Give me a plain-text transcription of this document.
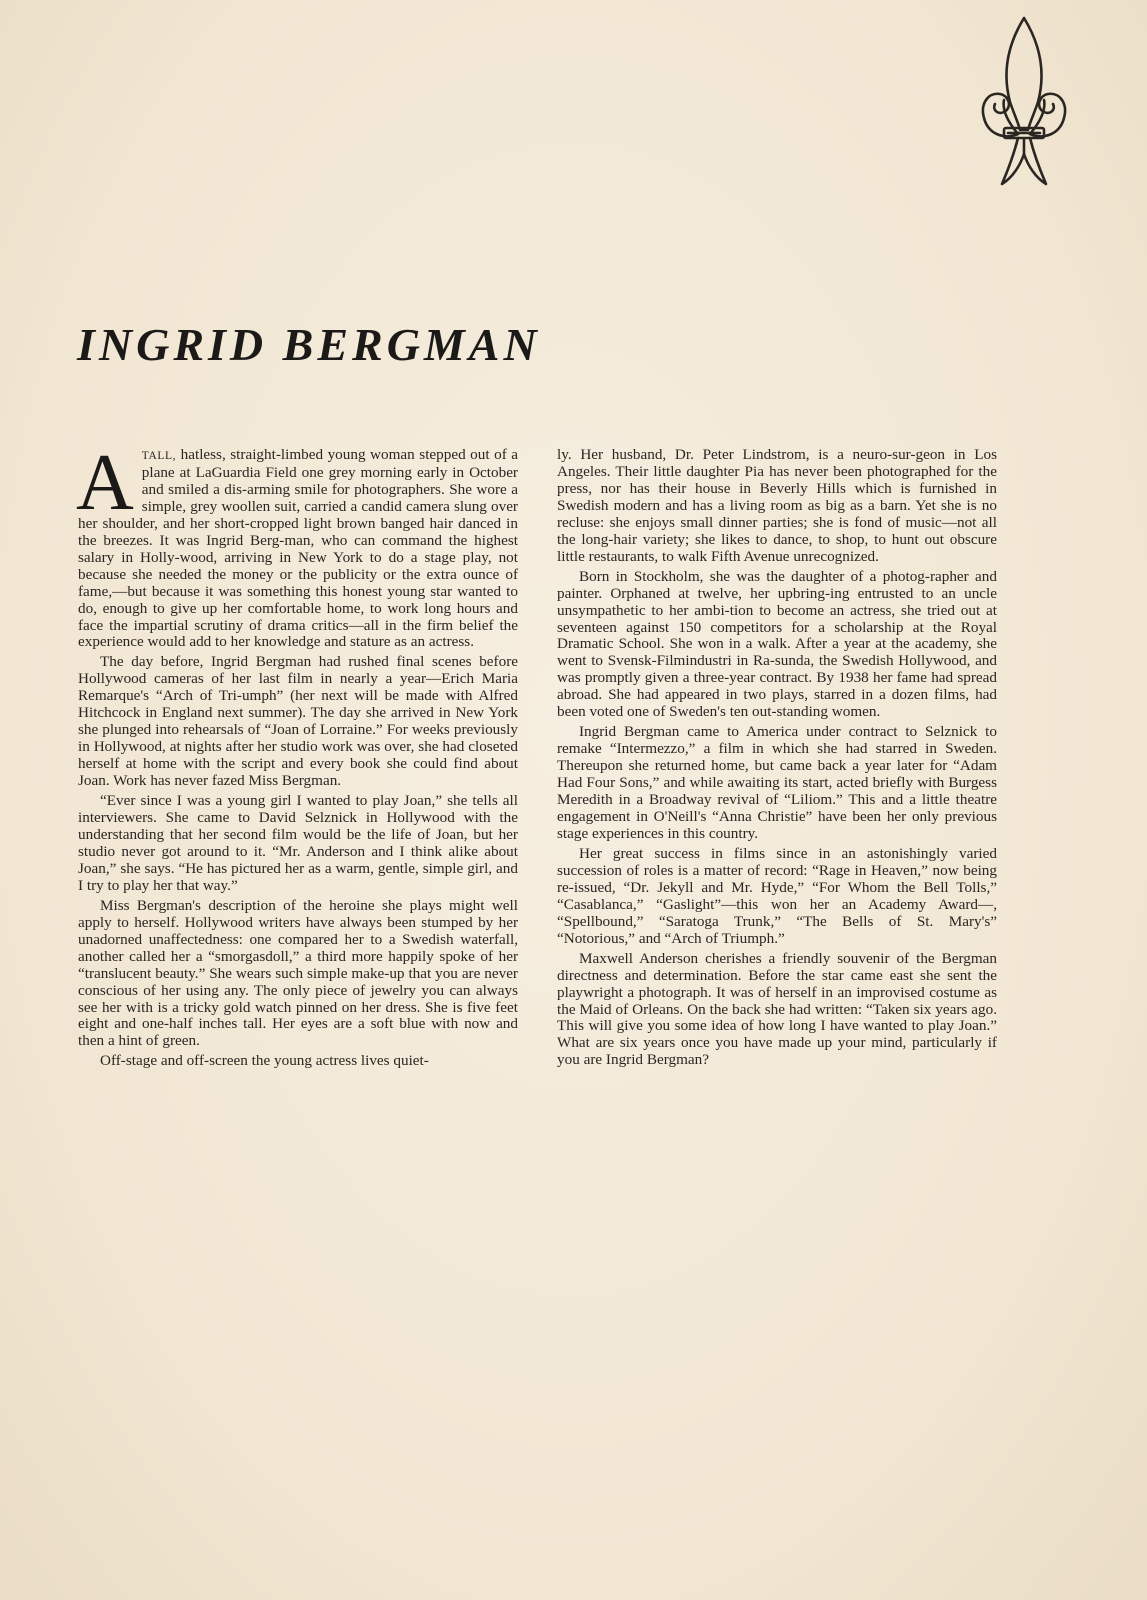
INGRID BERGMAN

ATALL, hatless, straight-limbed young woman stepped out of a plane at LaGuardia Field one grey morning early in October and smiled a dis-arming smile for photographers. She wore a simple, grey woollen suit, carried a candid camera slung over her shoulder, and her short-cropped light brown banged hair danced in the breezes. It was Ingrid Berg-man, who can command the highest salary in Holly-wood, arriving in New York to do a stage play, not because she needed the money or the publicity or the extra ounce of fame,—but because it was something this honest young star wanted to do, enough to give up her comfortable home, to work long hours and face the impartial scrutiny of drama critics—all in the firm belief the experience would add to her knowledge and stature as an actress.

The day before, Ingrid Bergman had rushed final scenes before Hollywood cameras of her last film in nearly a year—Erich Maria Remarque's “Arch of Tri-umph” (her next will be made with Alfred Hitchcock in England next summer). The day she arrived in New York she plunged into rehearsals of “Joan of Lorraine.” For weeks previously in Hollywood, at nights after her studio work was over, she had closeted herself at home with the script and every book she could find about Joan. Work has never fazed Miss Bergman.

“Ever since I was a young girl I wanted to play Joan,” she tells all interviewers. She came to David Selznick in Hollywood with the understanding that her second film would be the life of Joan, but her studio never got around to it. “Mr. Anderson and I think alike about Joan,” she says. “He has pictured her as a warm, gentle, simple girl, and I try to play her that way.”

Miss Bergman's description of the heroine she plays might well apply to herself. Hollywood writers have always been stumped by her unadorned unaffectedness: one compared her to a Swedish waterfall, another called her a “smorgasdoll,” a third more happily spoke of her “translucent beauty.” She wears such simple make-up that you are never conscious of her using any. The only piece of jewelry you can always see her with is a tricky gold watch pinned on her dress. She is five feet eight and one-half inches tall. Her eyes are a soft blue with now and then a hint of green.

Off-stage and off-screen the young actress lives quiet-

ly. Her husband, Dr. Peter Lindstrom, is a neuro-sur-geon in Los Angeles. Their little daughter Pia has never been photographed for the press, nor has their house in Beverly Hills which is furnished in Swedish modern and has a living room as big as a barn. Yet she is no recluse: she enjoys small dinner parties; she is fond of music—not all the long-hair variety; she likes to dance, to shop, to hunt out obscure little restaurants, to walk Fifth Avenue unrecognized.

Born in Stockholm, she was the daughter of a photog-rapher and painter. Orphaned at twelve, her upbring-ing entrusted to an uncle unsympathetic to her ambi-tion to become an actress, she tried out at seventeen against 150 competitors for a scholarship at the Royal Dramatic School. She won in a walk. After a year at the academy, she went to Svensk-Filmindustri in Ra-sunda, the Swedish Hollywood, and was promptly given a three-year contract. By 1938 her fame had spread abroad. She had appeared in two plays, starred in a dozen films, had been voted one of Sweden's ten out-standing women.

Ingrid Bergman came to America under contract to Selznick to remake “Intermezzo,” a film in which she had starred in Sweden. Thereupon she returned home, but came back a year later for “Adam Had Four Sons,” and while awaiting its start, acted briefly with Burgess Meredith in a Broadway revival of “Liliom.” This and a little theatre engagement in O'Neill's “Anna Christie” have been her only previous stage experiences in this country.

Her great success in films since in an astonishingly varied succession of roles is a matter of record: “Rage in Heaven,” now being re-issued, “Dr. Jekyll and Mr. Hyde,” “For Whom the Bell Tolls,” “Casablanca,” “Gaslight”—this won her an Academy Award—, “Spellbound,” “Saratoga Trunk,” “The Bells of St. Mary's” “Notorious,” and “Arch of Triumph.”

Maxwell Anderson cherishes a friendly souvenir of the Bergman directness and determination. Before the star came east she sent the playwright a photograph. It was of herself in an improvised costume as the Maid of Orleans. On the back she had written: “Taken six years ago. This will give you some idea of how long I have wanted to play Joan.” What are six years once you have made up your mind, particularly if you are Ingrid Bergman?
